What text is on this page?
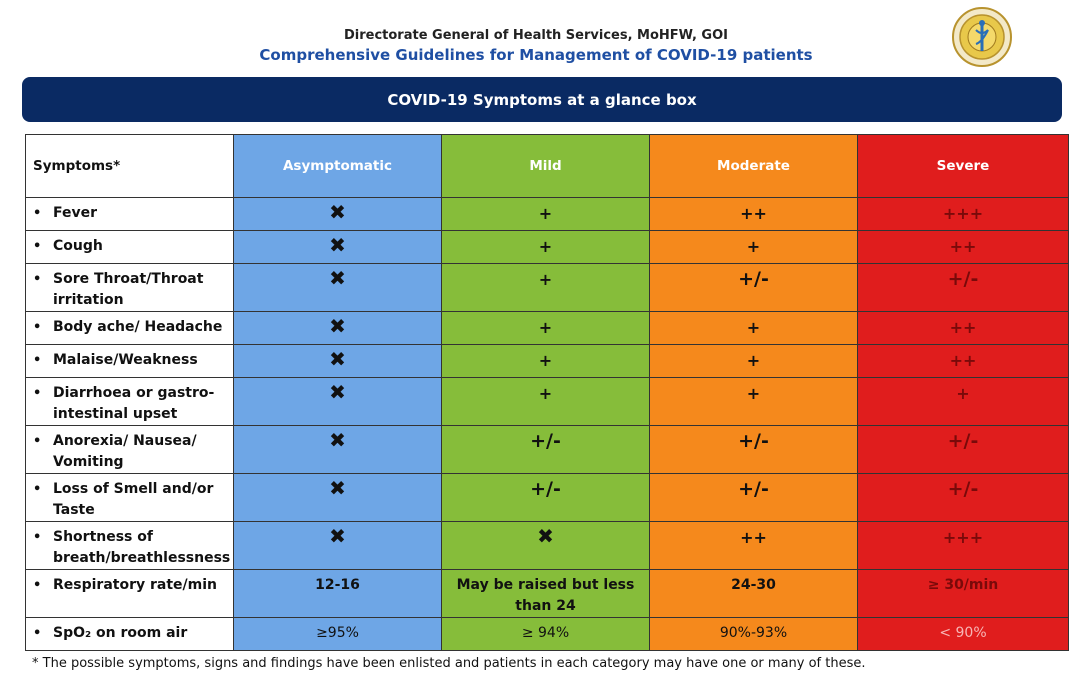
Directorate General of Health Services, MoHFW, GOI
Comprehensive Guidelines for Management of COVID-19 patients
COVID-19 Symptoms at a glance box
Symptoms*	Asymptomatic	Mild	Moderate	Severe

• Fever	✖	+	++	+++

• Cough	✖	+	+	++

• Sore Throat/Throat irritation	✖	+	+/-	+/-

• Body ache/ Headache	✖	+	+	++

• Malaise/Weakness	✖	+	+	++

• Diarrhoea or gastro-intestinal upset	✖	+	+	+

• Anorexia/ Nausea/ Vomiting	✖	+/-	+/-	+/-

• Loss of Smell and/or Taste	✖	+/-	+/-	+/-

• Shortness of breath/breathlessness	✖	✖	++	+++

• Respiratory rate/min	12-16	May be raised but less than 24	24-30	≥ 30/min

• SpO₂ on room air	≥95%	≥ 94%	90%-93%	< 90%
* The possible symptoms, signs and findings have been enlisted and patients in each category may have one or many of these.
